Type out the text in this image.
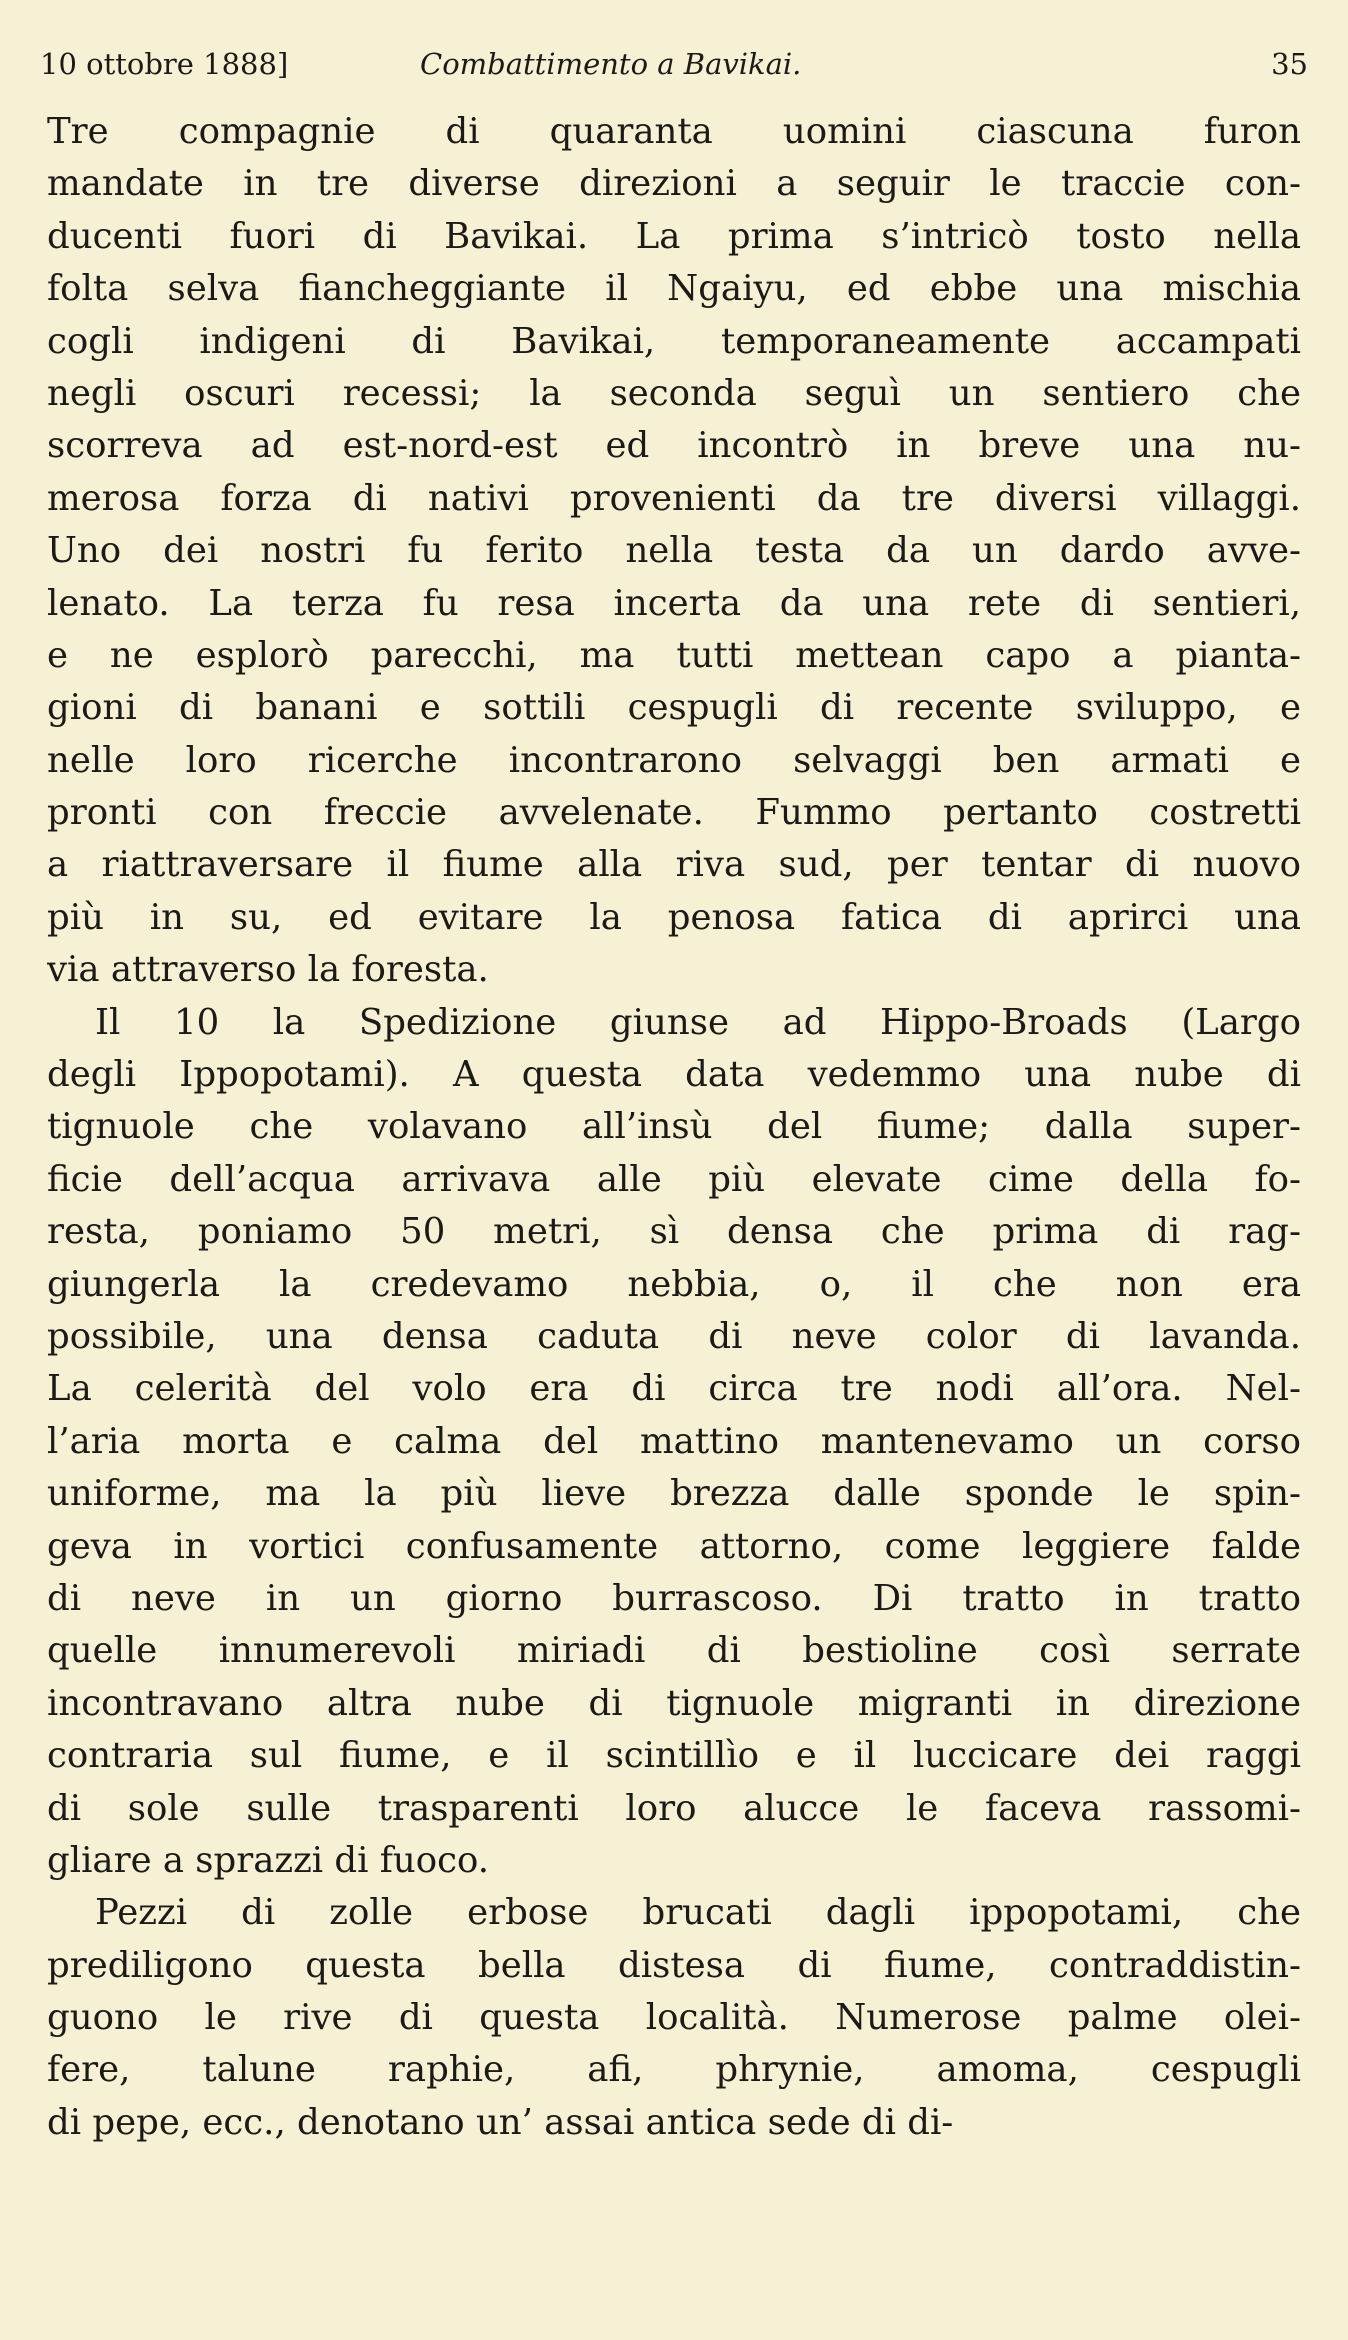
10 ottobre 1888]	Combattimento a Bavikai.	35
Tre compagnie di quaranta uomini ciascuna furon
mandate in tre diverse direzioni a seguir le traccie con-
ducenti fuori di Bavikai. La prima s’intricò tosto nella
folta selva fiancheggiante il Ngaiyu, ed ebbe una mischia
cogli indigeni di Bavikai, temporaneamente accampati
negli oscuri recessi; la seconda seguì un sentiero che
scorreva ad est-nord-est ed incontrò in breve una nu-
merosa forza di nativi provenienti da tre diversi villaggi.
Uno dei nostri fu ferito nella testa da un dardo avve-
lenato. La terza fu resa incerta da una rete di sentieri,
e ne esplorò parecchi, ma tutti mettean capo a pianta-
gioni di banani e sottili cespugli di recente sviluppo, e
nelle loro ricerche incontrarono selvaggi ben armati e
pronti con freccie avvelenate. Fummo pertanto costretti
a riattraversare il fiume alla riva sud, per tentar di nuovo
più in su, ed evitare la penosa fatica di aprirci una
via attraverso la foresta.
Il 10 la Spedizione giunse ad Hippo-Broads (Largo
degli Ippopotami). A questa data vedemmo una nube di
tignuole che volavano all’insù del fiume; dalla super-
ficie dell’acqua arrivava alle più elevate cime della fo-
resta, poniamo 50 metri, sì densa che prima di rag-
giungerla la credevamo nebbia, o, il che non era
possibile, una densa caduta di neve color di lavanda.
La celerità del volo era di circa tre nodi all’ora. Nel-
l’aria morta e calma del mattino mantenevamo un corso
uniforme, ma la più lieve brezza dalle sponde le spin-
geva in vortici confusamente attorno, come leggiere falde
di neve in un giorno burrascoso. Di tratto in tratto
quelle innumerevoli miriadi di bestioline così serrate
incontravano altra nube di tignuole migranti in direzione
contraria sul fiume, e il scintillìo e il luccicare dei raggi
di sole sulle trasparenti loro alucce le faceva rassomi-
gliare a sprazzi di fuoco.
Pezzi di zolle erbose brucati dagli ippopotami, che
prediligono questa bella distesa di fiume, contraddistin-
guono le rive di questa località. Numerose palme olei-
fere, talune raphie, afi, phrynie, amoma, cespugli
di pepe, ecc., denotano un’ assai antica sede di di-
